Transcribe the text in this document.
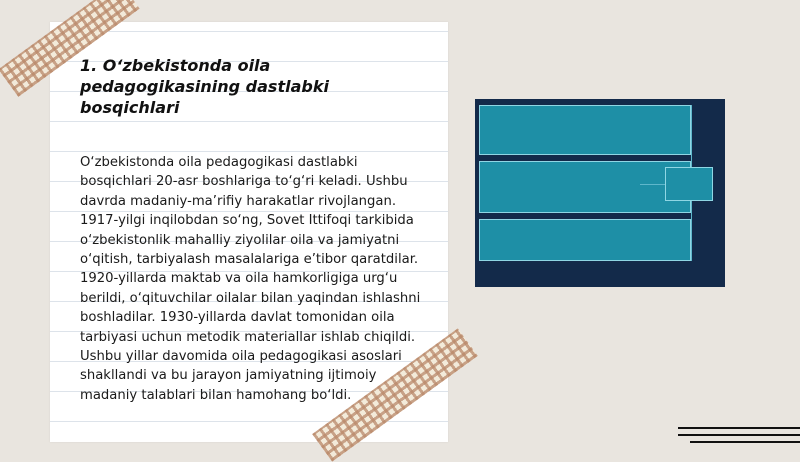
1. O‘zbekistonda oila pedagogikasining dastlabki bosqichlari

O‘zbekistonda oila pedagogikasi dastlabki bosqichlari 20-asr boshlariga to‘g‘ri keladi. Ushbu davrda madaniy-ma’rifiy harakatlar rivojlangan. 1917-yilgi inqilobdan so‘ng, Sovet Ittifoqi tarkibida o‘zbekistonlik mahalliy ziyolilar oila va jamiyatni o‘qitish, tarbiyalash masalalariga e’tibor qaratdilar. 1920-yillarda maktab va oila hamkorligiga urg‘u berildi, o‘qituvchilar oilalar bilan yaqindan ishlashni boshladilar. 1930-yillarda davlat tomonidan oila tarbiyasi uchun metodik materiallar ishlab chiqildi. Ushbu yillar davomida oila pedagogikasi asoslari shakllandi va bu jarayon jamiyatning ijtimoiy madaniy talablari bilan hamohang bo‘ldi.
